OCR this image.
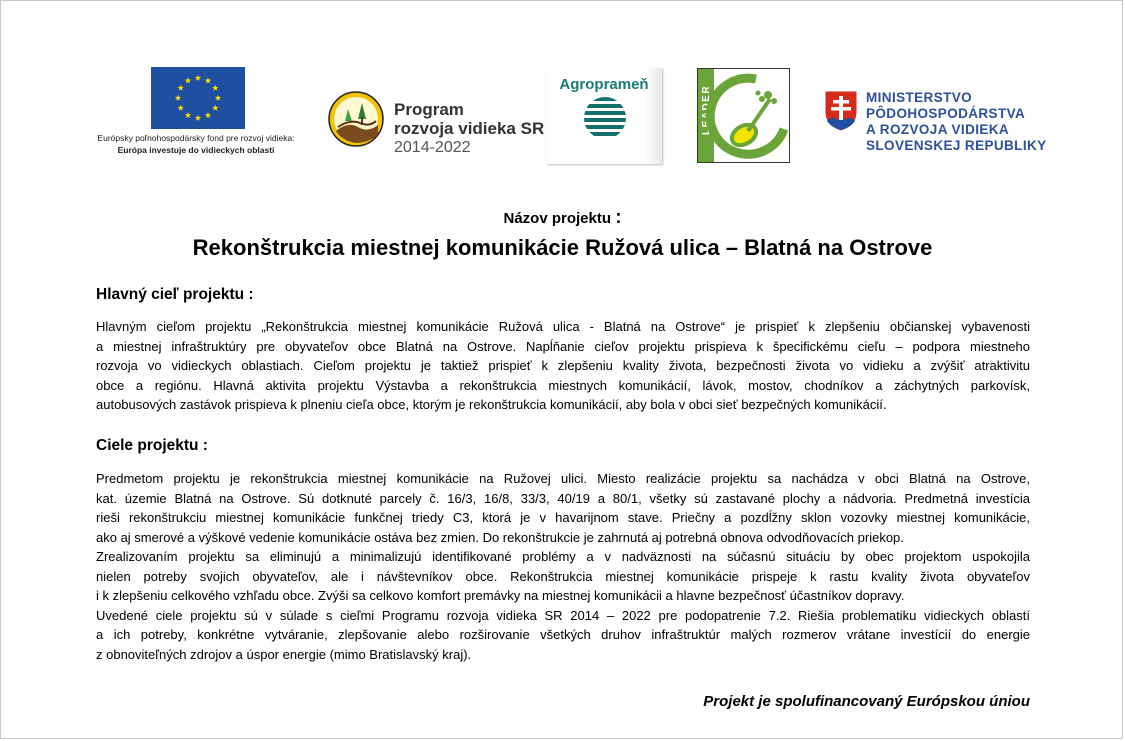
Európsky poľnohospodársky fond pre rozvoj vidieka:
Európa investuje do vidieckych oblastí
Program
rozvoja vidieka SR
2014-2022
Agroprameň
LEADER	MINISTERSTVO
PÔDOHOSPODÁRSTVA
A ROZVOJA VIDIEKA
SLOVENSKEJ REPUBLIKY
Názov projektu :
Rekonštrukcia miestnej komunikácie Ružová ulica – Blatná na Ostrove
Hlavný cieľ projektu :
Hlavným cieľom projektu „Rekonštrukcia miestnej komunikácie Ružová ulica - Blatná na Ostrove“ je prispieť k zlepšeniu občianskej vybavenosti
a miestnej infraštruktúry pre obyvateľov obce Blatná na Ostrove. Napĺňanie cieľov projektu prispieva k špecifickému cieľu – podpora miestneho
rozvoja vo vidieckych oblastiach. Cieľom projektu je taktiež prispieť k zlepšeniu kvality života, bezpečnosti života vo vidieku a zvýšiť atraktivitu
obce a regiónu. Hlavná aktivita projektu Výstavba a rekonštrukcia miestnych komunikácií, lávok, mostov, chodníkov a záchytných parkovísk,
autobusových zastávok prispieva k plneniu cieľa obce, ktorým je rekonštrukcia komunikácií, aby bola v obci sieť bezpečných komunikácií.
Ciele projektu :
Predmetom projektu je rekonštrukcia miestnej komunikácie na Ružovej ulici. Miesto realizácie projektu sa nachádza v obci Blatná na Ostrove,
kat. územie Blatná na Ostrove. Sú dotknuté parcely č. 16/3, 16/8, 33/3, 40/19 a 80/1, všetky sú zastavané plochy a nádvoria. Predmetná investícia
rieši rekonštrukciu miestnej komunikácie funkčnej triedy C3, ktorá je v havarijnom stave. Priečny a pozdĺžny sklon vozovky miestnej komunikácie,
ako aj smerové a výškové vedenie komunikácie ostáva bez zmien. Do rekonštrukcie je zahrnutá aj potrebná obnova odvodňovacích priekop.
Zrealizovaním projektu sa eliminujú a minimalizujú identifikované problémy a v nadväznosti na súčasnú situáciu by obec projektom uspokojila
nielen potreby svojich obyvateľov, ale i návštevníkov obce. Rekonštrukcia miestnej komunikácie prispeje k rastu kvality života obyvateľov
i k zlepšeniu celkového vzhľadu obce. Zvýši sa celkovo komfort premávky na miestnej komunikácii a hlavne bezpečnosť účastníkov dopravy.
Uvedené ciele projektu sú v súlade s cieľmi Programu rozvoja vidieka SR 2014 – 2022 pre podopatrenie 7.2. Riešia problematiku vidieckych oblastí
a ich potreby, konkrétne vytváranie, zlepšovanie alebo rozširovanie všetkých druhov infraštruktúr malých rozmerov vrátane investícií do energie
z obnoviteľných zdrojov a úspor energie (mimo Bratislavský kraj).
Projekt je spolufinancovaný Európskou úniou
